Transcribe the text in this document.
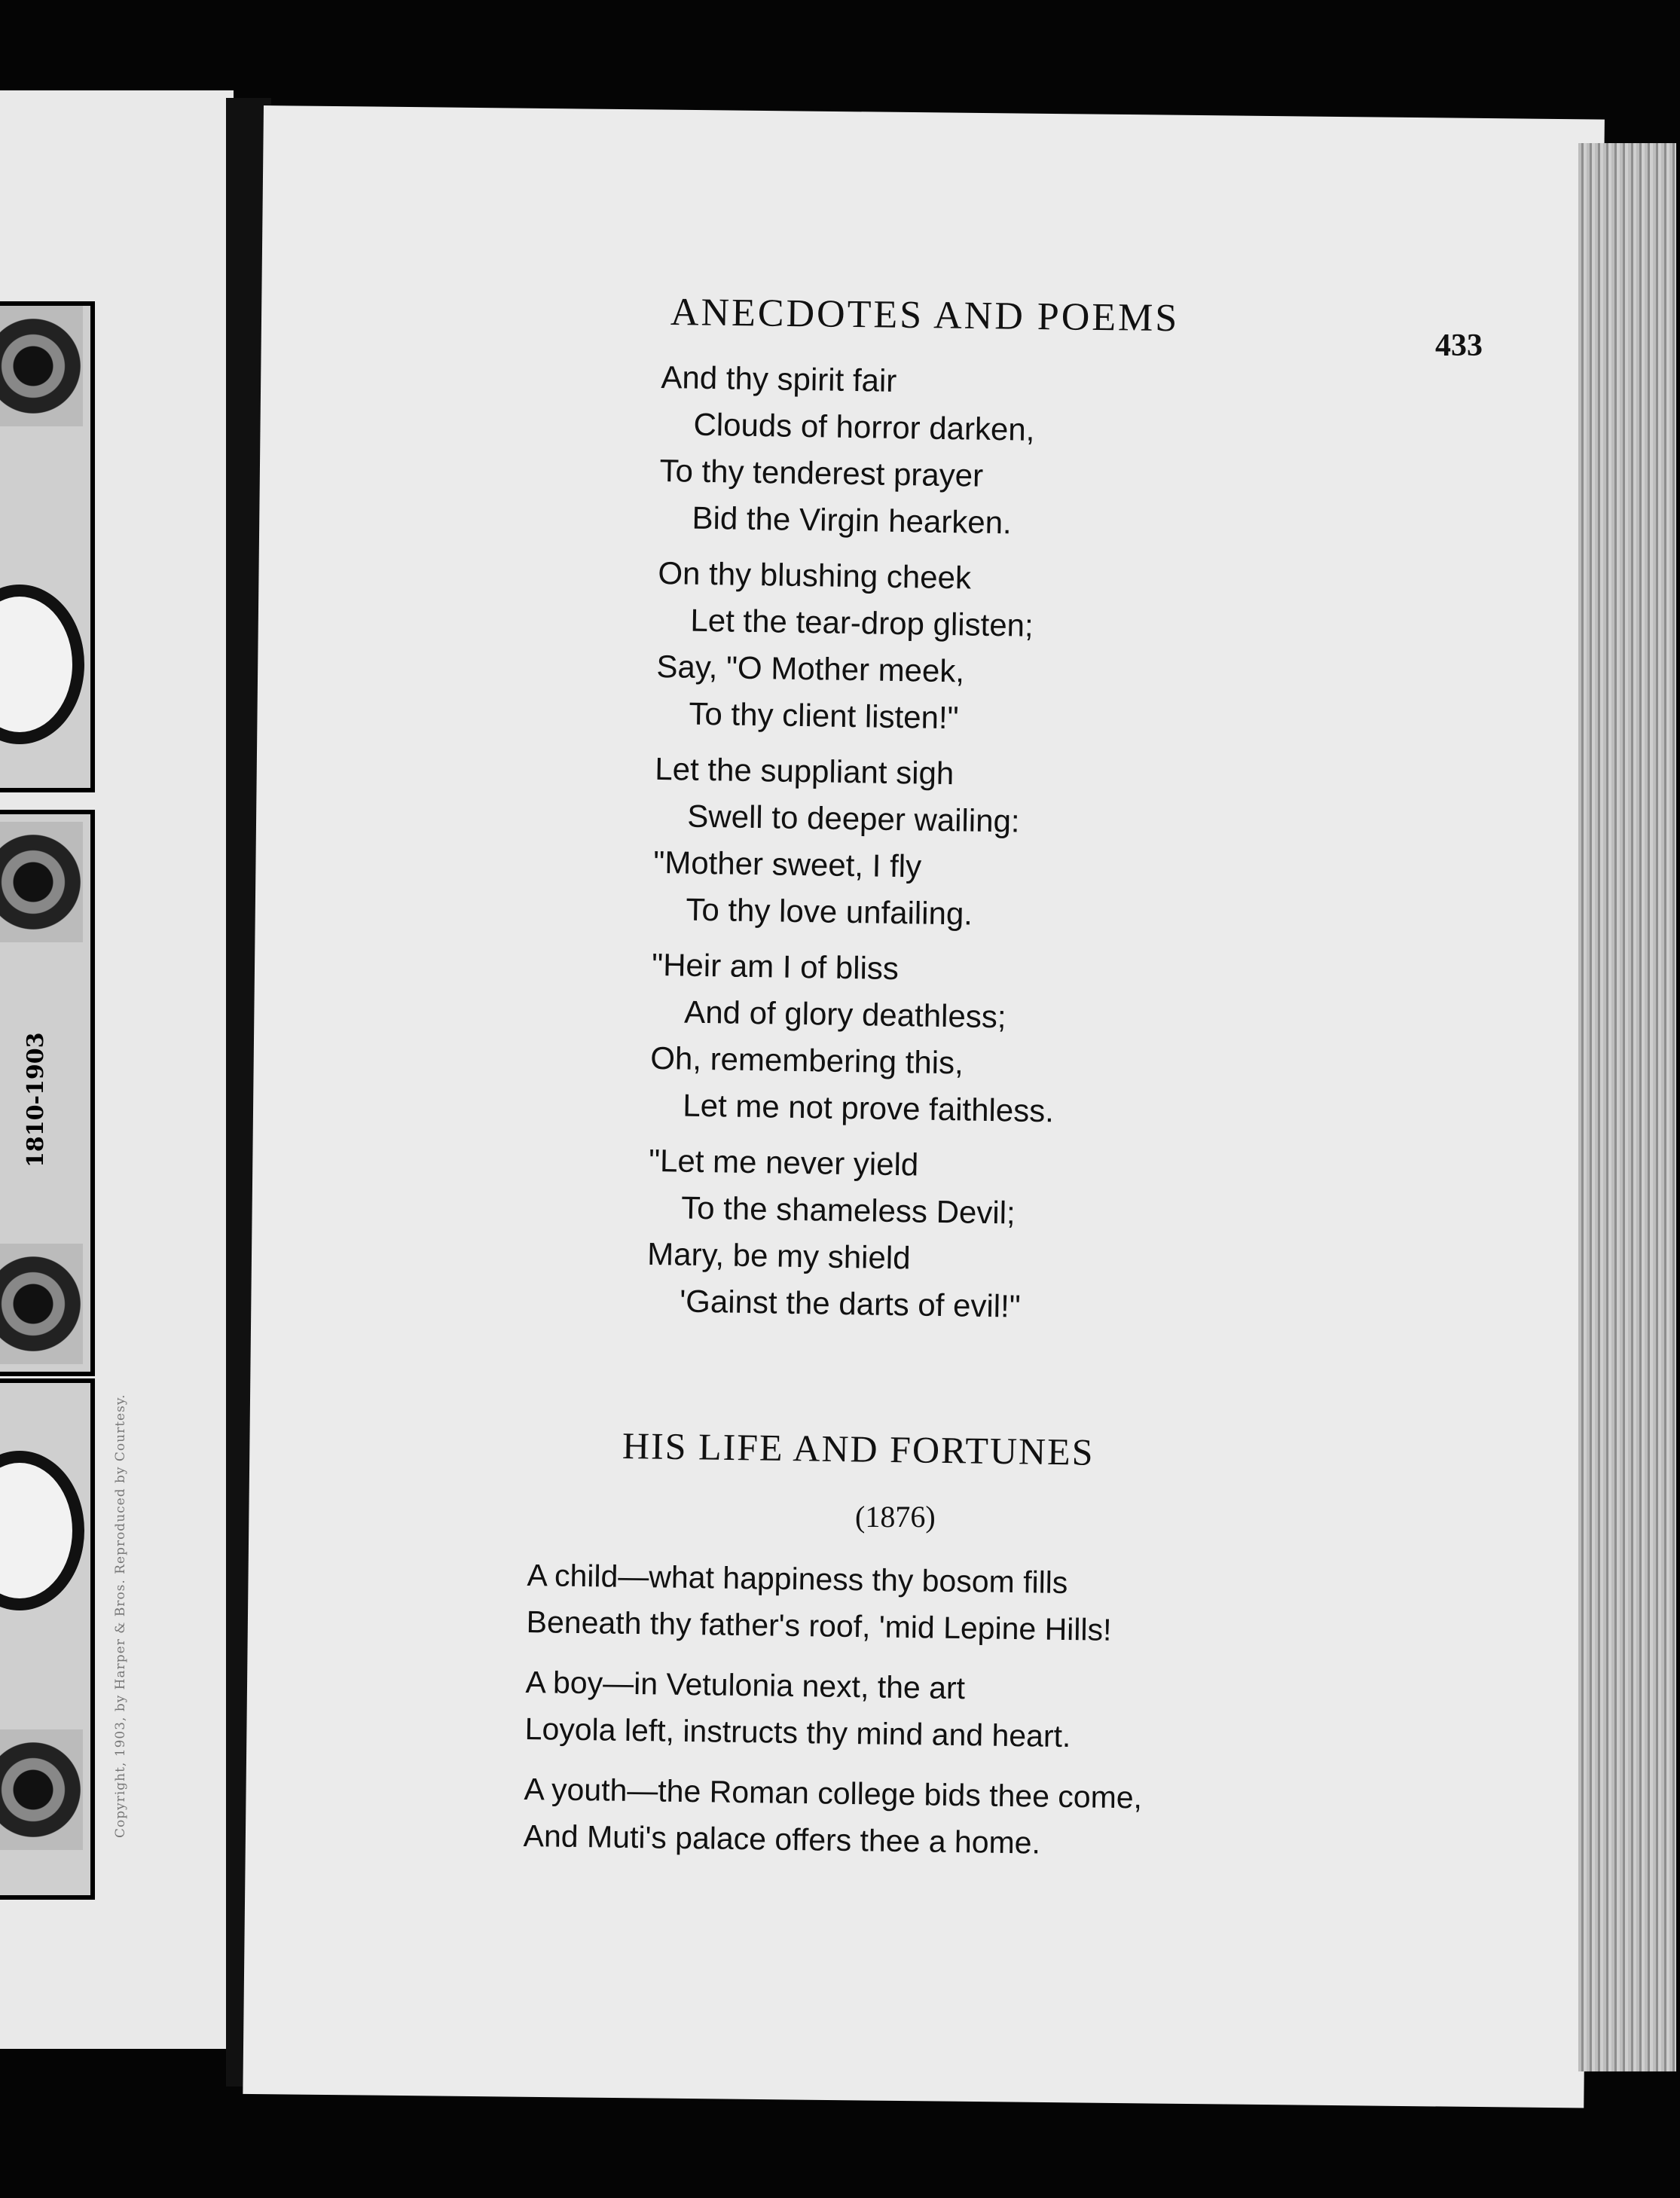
1810-1903
Copyright, 1903, by Harper & Bros. Reproduced by Courtesy.
ANECDOTES AND POEMS
433
And thy spirit fair
Clouds of horror darken,
To thy tenderest prayer
Bid the Virgin hearken.
On thy blushing cheek
Let the tear-drop glisten;
Say, "O Mother meek,
To thy client listen!"
Let the suppliant sigh
Swell to deeper wailing:
"Mother sweet, I fly
To thy love unfailing.
"Heir am I of bliss
And of glory deathless;
Oh, remembering this,
Let me not prove faithless.
"Let me never yield
To the shameless Devil;
Mary, be my shield
'Gainst the darts of evil!"
HIS LIFE AND FORTUNES
(1876)
A child—what happiness thy bosom fills
Beneath thy father's roof, 'mid Lepine Hills!
A boy—in Vetulonia next, the art
Loyola left, instructs thy mind and heart.
A youth—the Roman college bids thee come,
And Muti's palace offers thee a home.
